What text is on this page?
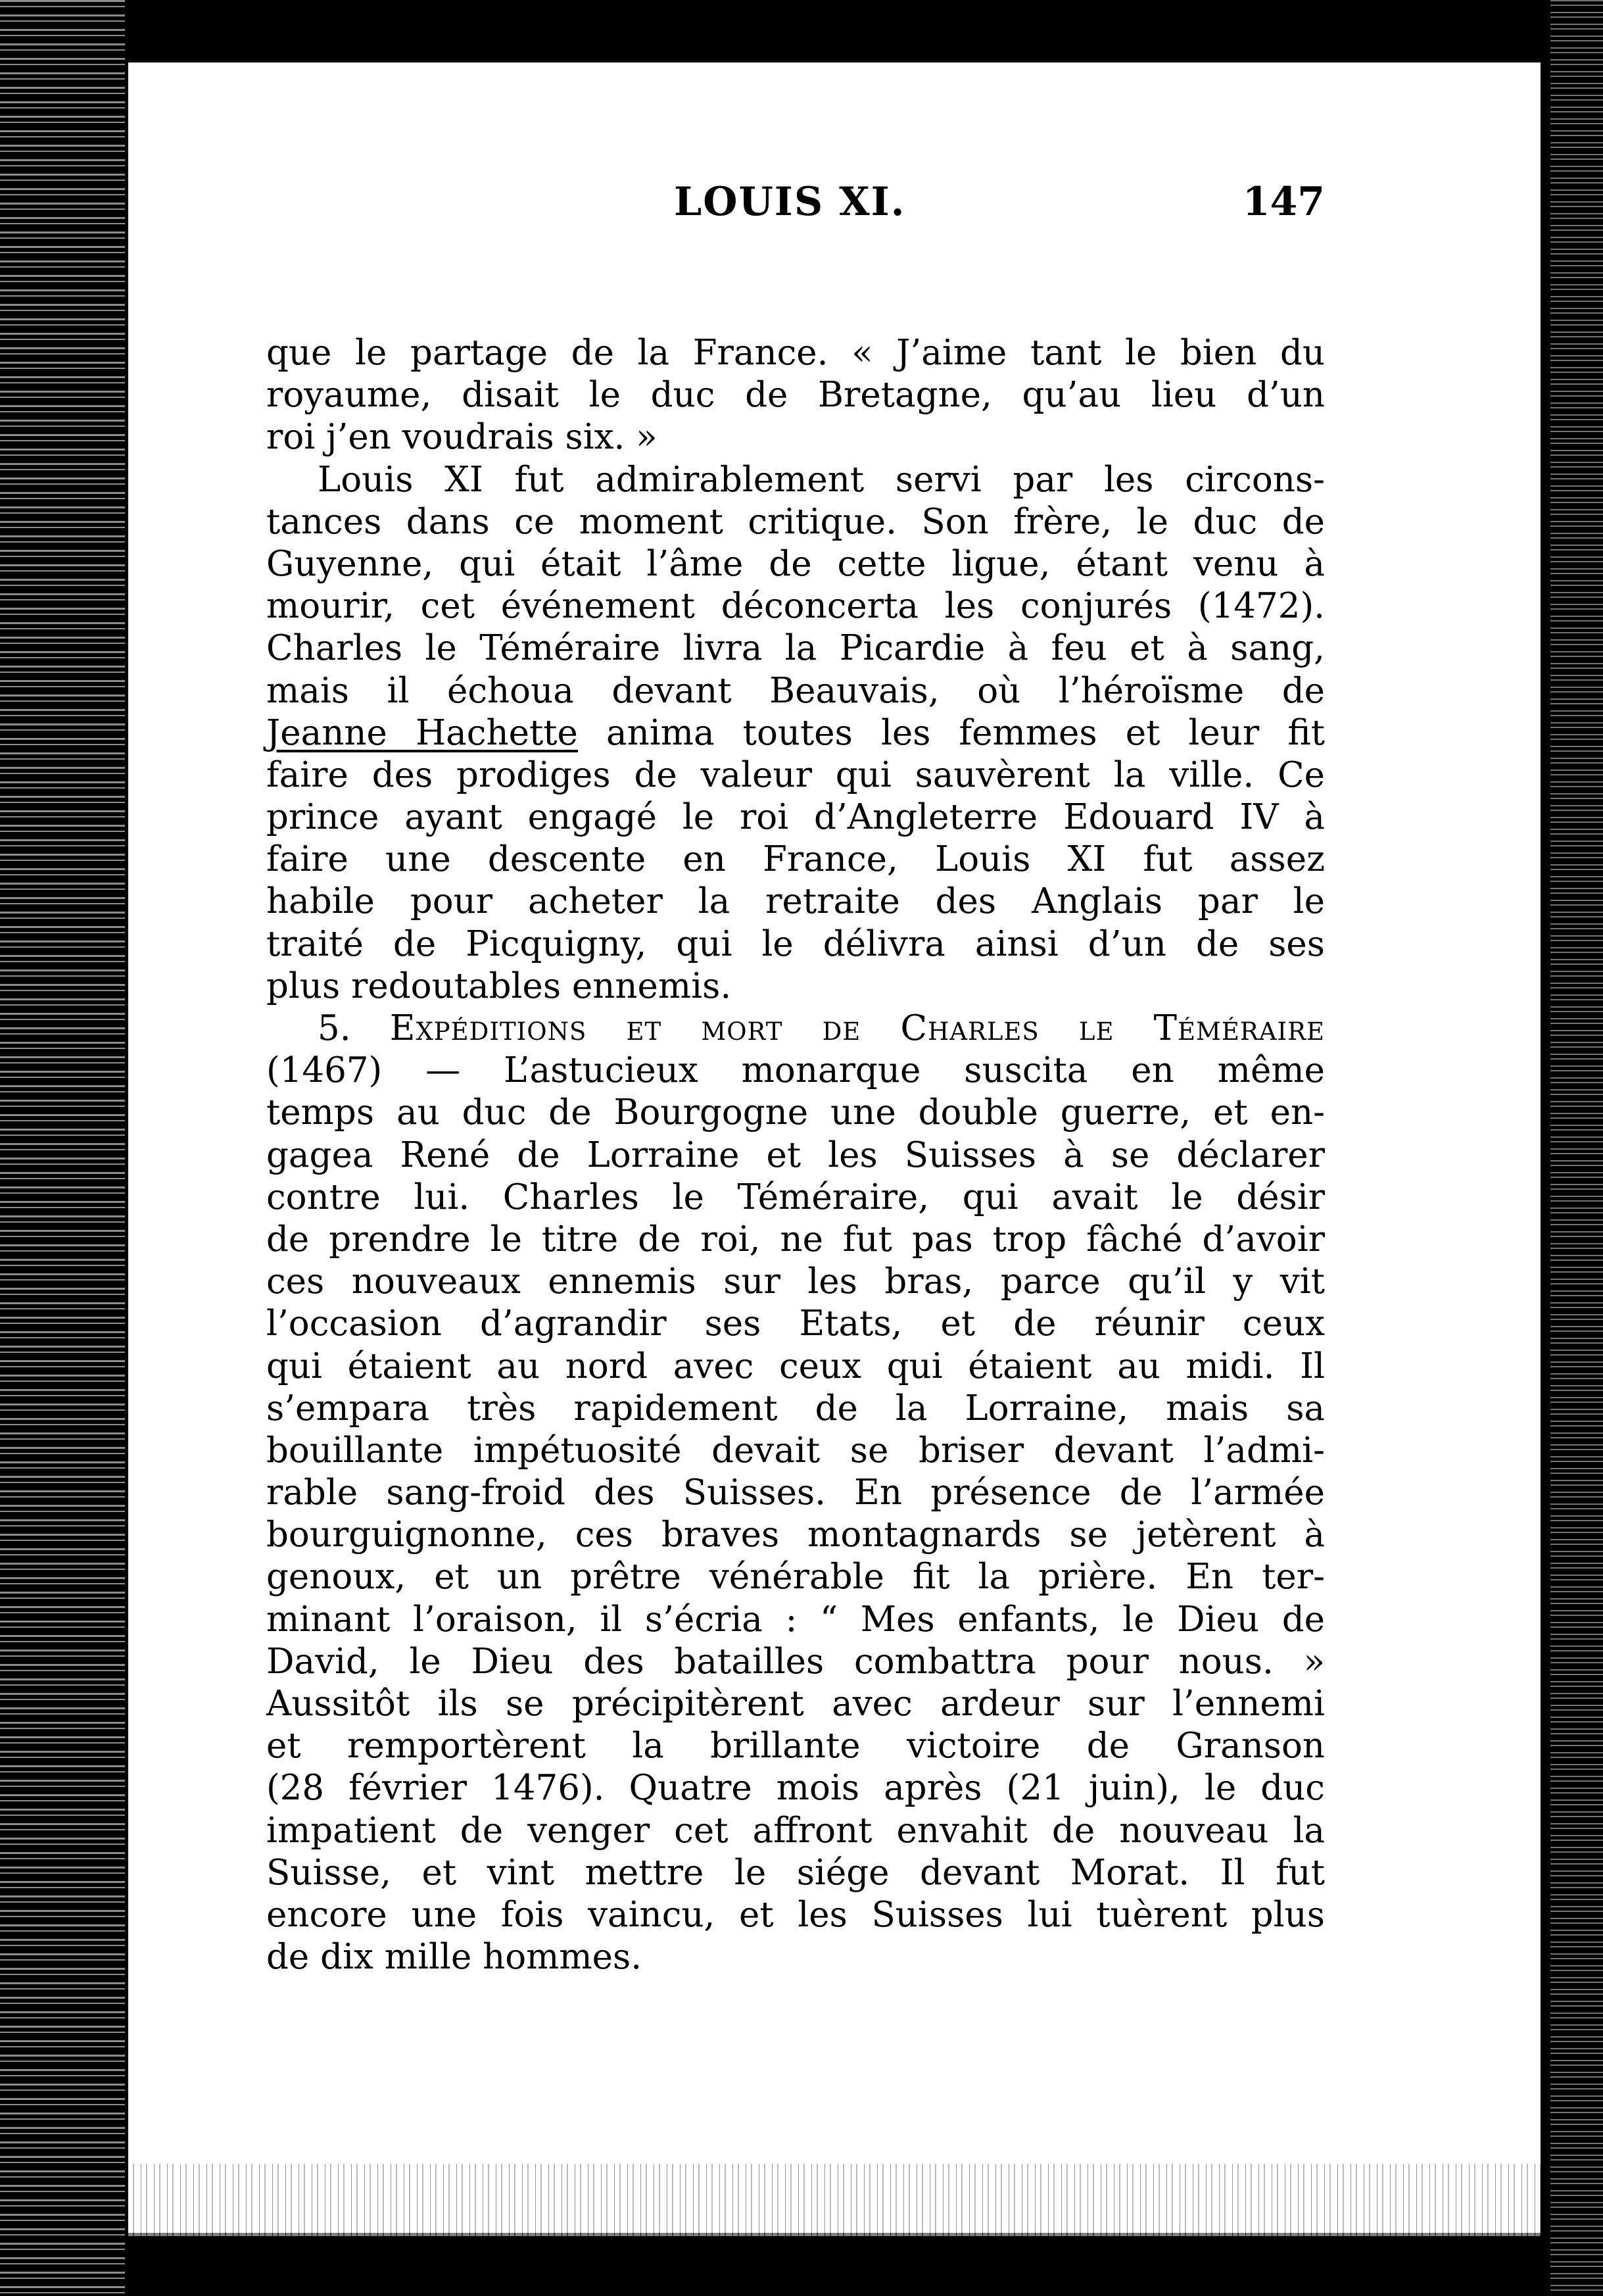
LOUIS XI.	147
que le partage de la France. « J’aime tant le bien du
royaume, disait le duc de Bretagne, qu’au lieu d’un
roi j’en voudrais six. »
Louis XI fut admirablement servi par les circons-
tances dans ce moment critique. Son frère, le duc de
Guyenne, qui était l’âme de cette ligue, étant venu à
mourir, cet événement déconcerta les conjurés (1472).
Charles le Téméraire livra la Picardie à feu et à sang,
mais il échoua devant Beauvais, où l’héroïsme de
Jeanne Hachette anima toutes les femmes et leur fit
faire des prodiges de valeur qui sauvèrent la ville. Ce
prince ayant engagé le roi d’Angleterre Edouard IV à
faire une descente en France, Louis XI fut assez
habile pour acheter la retraite des Anglais par le
traité de Picquigny, qui le délivra ainsi d’un de ses
plus redoutables ennemis.
5. Expéditions et mort de Charles le Téméraire
(1467) — L’astucieux monarque suscita en même
temps au duc de Bourgogne une double guerre, et en-
gagea René de Lorraine et les Suisses à se déclarer
contre lui. Charles le Téméraire, qui avait le désir
de prendre le titre de roi, ne fut pas trop fâché d’avoir
ces nouveaux ennemis sur les bras, parce qu’il y vit
l’occasion d’agrandir ses Etats, et de réunir ceux
qui étaient au nord avec ceux qui étaient au midi. Il
s’empara très rapidement de la Lorraine, mais sa
bouillante impétuosité devait se briser devant l’admi-
rable sang-froid des Suisses. En présence de l’armée
bourguignonne, ces braves montagnards se jetèrent à
genoux, et un prêtre vénérable fit la prière. En ter-
minant l’oraison, il s’écria : “ Mes enfants, le Dieu de
David, le Dieu des batailles combattra pour nous. »
Aussitôt ils se précipitèrent avec ardeur sur l’ennemi
et remportèrent la brillante victoire de Granson
(28 février 1476). Quatre mois après (21 juin), le duc
impatient de venger cet affront envahit de nouveau la
Suisse, et vint mettre le siége devant Morat. Il fut
encore une fois vaincu, et les Suisses lui tuèrent plus
de dix mille hommes.
